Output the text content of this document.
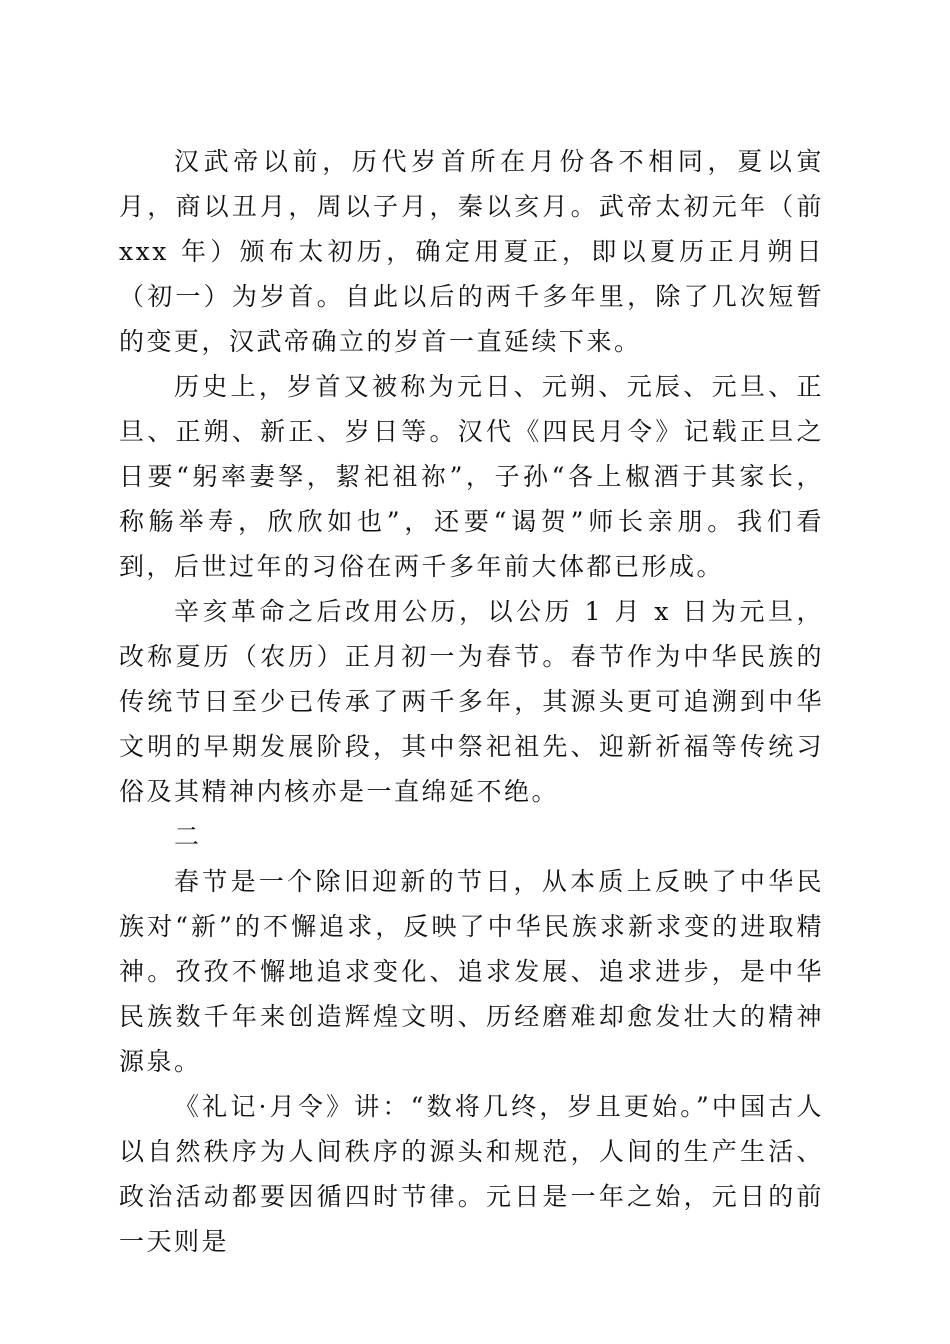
汉武帝以前，历代岁首所在月份各不相同，夏以寅月，商以丑月，周以子月，秦以亥月。武帝太初元年（前 xxx 年）颁布太初历，确定用夏正，即以夏历正月朔日（初一）为岁首。自此以后的两千多年里，除了几次短暂的变更，汉武帝确立的岁首一直延续下来。

历史上，岁首又被称为元日、元朔、元辰、元旦、正旦、正朔、新正、岁日等。汉代《四民月令》记载正旦之日要“躬率妻孥，絜祀祖祢”，子孙“各上椒酒于其家长，称觞举寿，欣欣如也”，还要“谒贺”师长亲朋。我们看到，后世过年的习俗在两千多年前大体都已形成。

辛亥革命之后改用公历，以公历 1 月 x 日为元旦，改称夏历（农历）正月初一为春节。春节作为中华民族的传统节日至少已传承了两千多年，其源头更可追溯到中华文明的早期发展阶段，其中祭祀祖先、迎新祈福等传统习俗及其精神内核亦是一直绵延不绝。

二

春节是一个除旧迎新的节日，从本质上反映了中华民族对“新”的不懈追求，反映了中华民族求新求变的进取精神。孜孜不懈地追求变化、追求发展、追求进步，是中华民族数千年来创造辉煌文明、历经磨难却愈发壮大的精神源泉。

《礼记·月令》讲：“数将几终，岁且更始。”中国古人以自然秩序为人间秩序的源头和规范，人间的生产生活、政治活动都要因循四时节律。元日是一年之始，元日的前一天则是
